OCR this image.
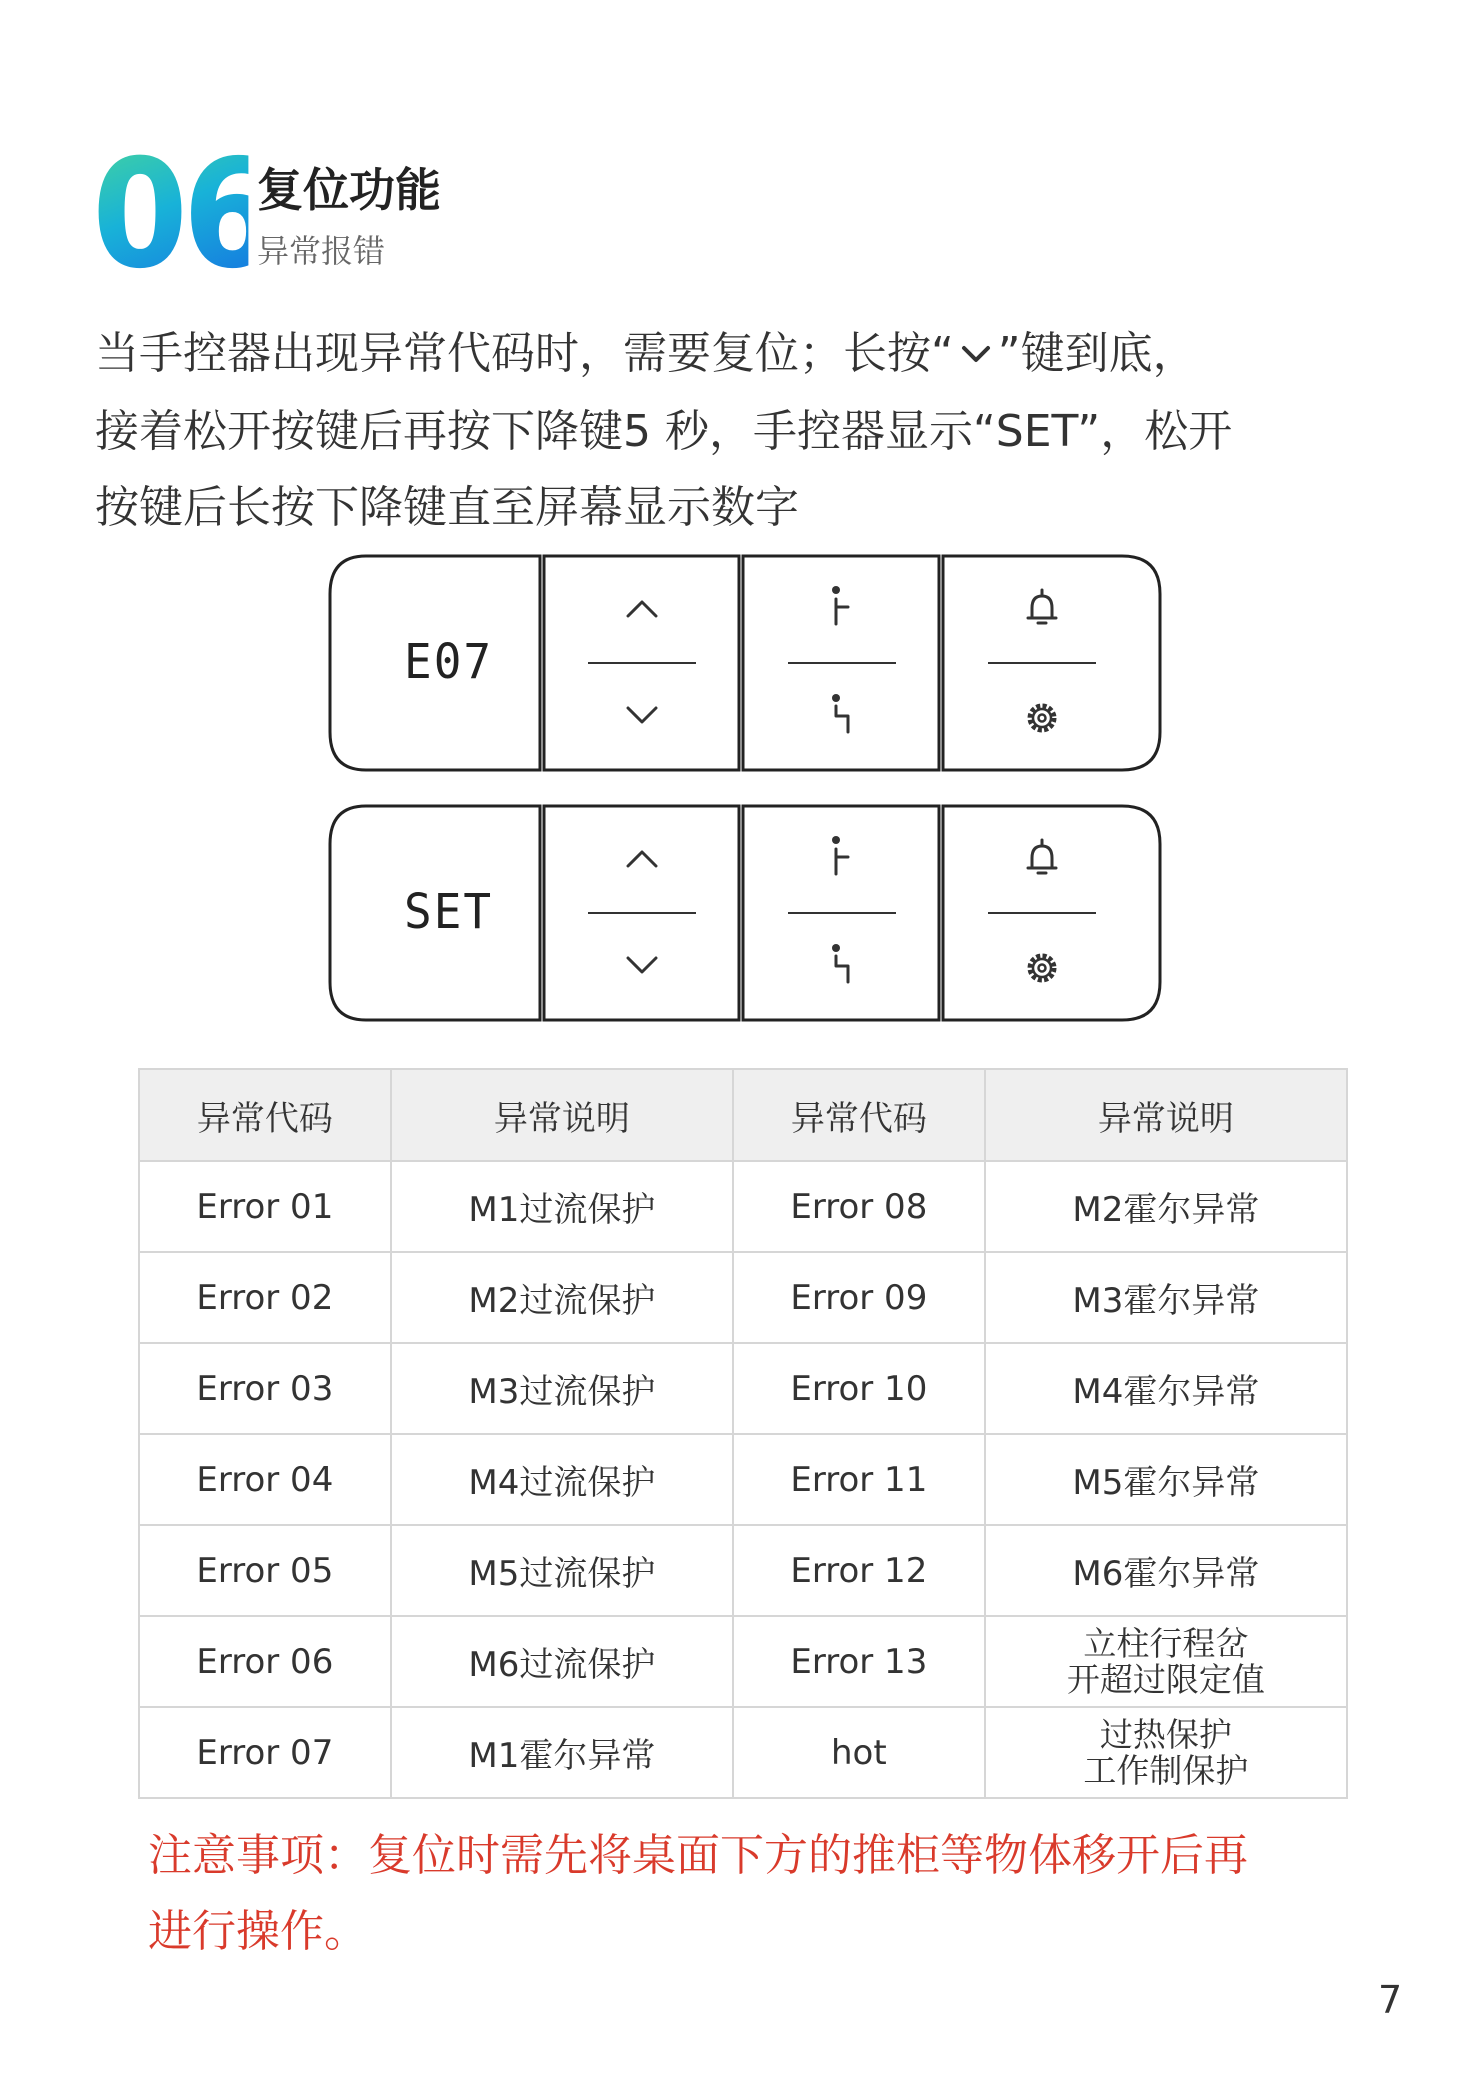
06
复位功能
异常报错

当手控器出现异常代码时，需要复位；长按“ ”键到底，

接着松开按键后再按下降键5 秒，手控器显示“SET”，松开

按键后长按下降键直至屏幕显示数字

E07
SET
异常代码	异常说明	异常代码	异常说明
Error 01	M1过流保护	Error 08	M2霍尔异常
Error 02	M2过流保护	Error 09	M3霍尔异常
Error 03	M3过流保护	Error 10	M4霍尔异常
Error 04	M4过流保护	Error 11	M5霍尔异常
Error 05	M5过流保护	Error 12	M6霍尔异常
Error 06	M6过流保护	Error 13	立柱行程岔
开超过限定值

Error 07	M1霍尔异常	hot	过热保护
工作制保护

注意事项：复位时需先将桌面下方的推柜等物体移开后再

进行操作。

7
